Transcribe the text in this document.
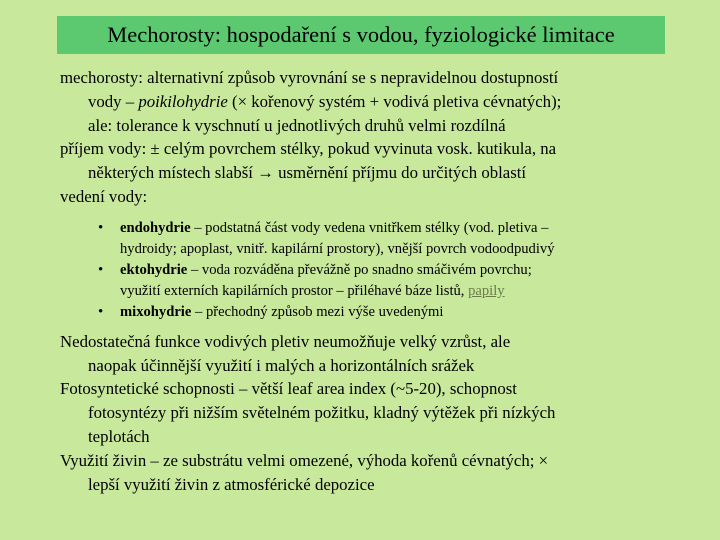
Mechorosty: hospodaření s vodou, fyziologické limitace
mechorosty: alternativní způsob vyrovnání se s nepravidelnou dostupností
vody – poikilohydrie (× kořenový systém + vodivá pletiva cévnatých);
ale: tolerance k vyschnutí u jednotlivých druhů velmi rozdílná
příjem vody: ± celým povrchem stélky, pokud vyvinuta vosk. kutikula, na
některých místech slabší → usměrnění příjmu do určitých oblastí
vedení vody:
• endohydrie – podstatná část vody vedena vnitřkem stélky (vod. pletiva –
hydroidy; apoplast, vnitř. kapilární prostory), vnější povrch vodoodpudivý
• ektohydrie – voda rozváděna převážně po snadno smáčivém povrchu;
využití externích kapilárních prostor – přiléhavé báze listů, papily
• mixohydrie – přechodný způsob mezi výše uvedenými
Nedostatečná funkce vodivých pletiv neumožňuje velký vzrůst, ale
naopak účinnější využití i malých a horizontálních srážek
Fotosyntetické schopnosti – větší leaf area index (~5-20), schopnost
fotosyntézy při nižším světelném požitku, kladný výtěžek při nízkých
teplotách
Využití živin – ze substrátu velmi omezené, výhoda kořenů cévnatých; ×
lepší využití živin z atmosférické depozice
